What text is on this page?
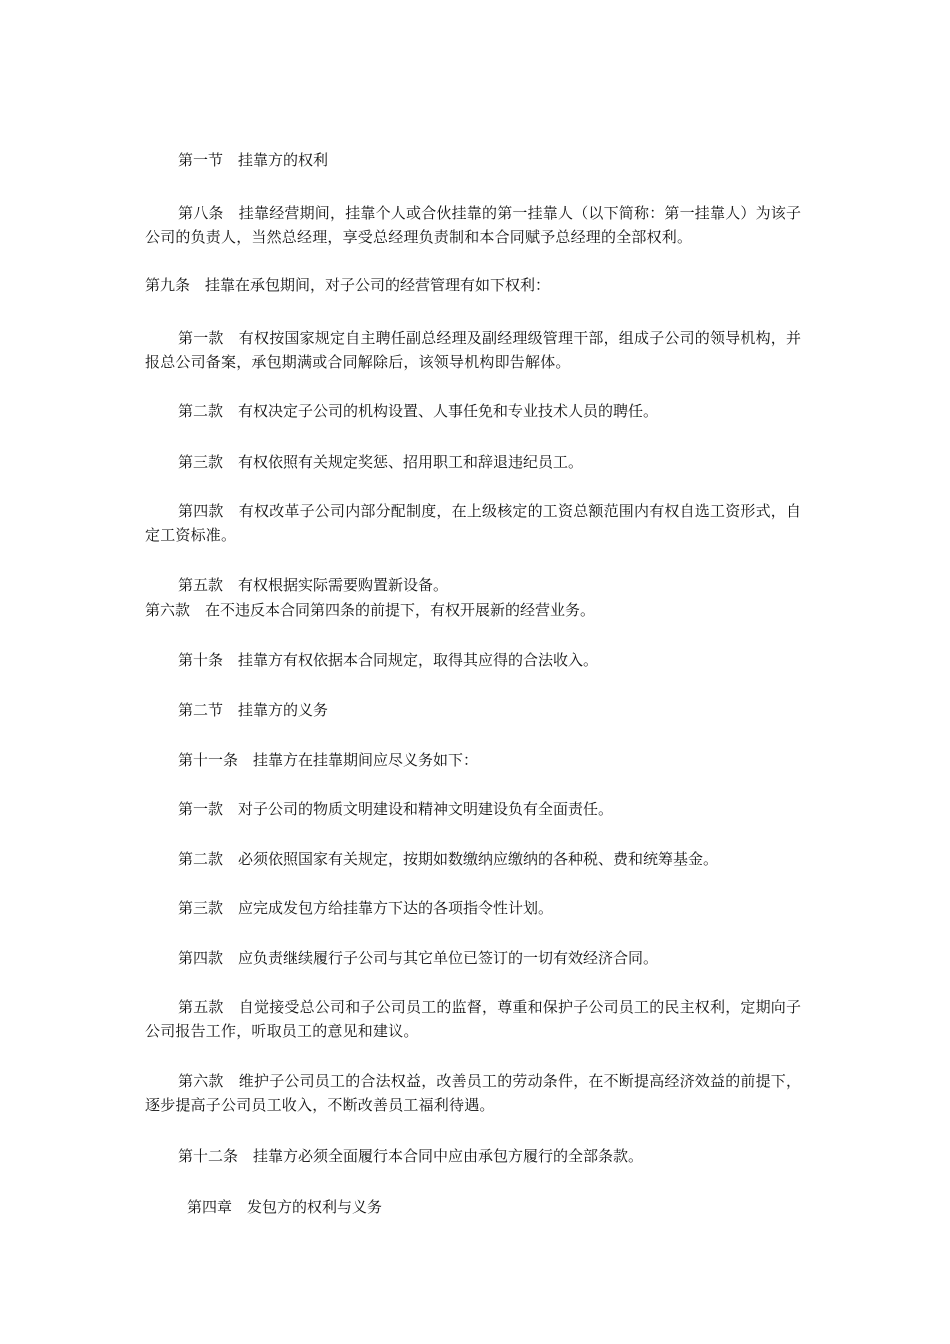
第一节　挂靠方的权利

第八条　挂靠经营期间，挂靠个人或合伙挂靠的第一挂靠人（以下简称：第一挂靠人）为该子公司的负责人，当然总经理，享受总经理负责制和本合同赋予总经理的全部权利。

第九条　挂靠在承包期间，对子公司的经营管理有如下权利：

第一款　有权按国家规定自主聘任副总经理及副经理级管理干部，组成子公司的领导机构，并报总公司备案，承包期满或合同解除后，该领导机构即告解体。

第二款　有权决定子公司的机构设置、人事任免和专业技术人员的聘任。

第三款　有权依照有关规定奖惩、招用职工和辞退违纪员工。

第四款　有权改革子公司内部分配制度，在上级核定的工资总额范围内有权自选工资形式，自定工资标准。

第五款　有权根据实际需要购置新设备。

第六款　在不违反本合同第四条的前提下，有权开展新的经营业务。

第十条　挂靠方有权依据本合同规定，取得其应得的合法收入。

第二节　挂靠方的义务

第十一条　挂靠方在挂靠期间应尽义务如下：

第一款　对子公司的物质文明建设和精神文明建设负有全面责任。

第二款　必须依照国家有关规定，按期如数缴纳应缴纳的各种税、费和统筹基金。

第三款　应完成发包方给挂靠方下达的各项指令性计划。

第四款　应负责继续履行子公司与其它单位已签订的一切有效经济合同。

第五款　自觉接受总公司和子公司员工的监督，尊重和保护子公司员工的民主权利，定期向子公司报告工作，听取员工的意见和建议。

第六款　维护子公司员工的合法权益，改善员工的劳动条件，在不断提高经济效益的前提下，逐步提高子公司员工收入，不断改善员工福利待遇。

第十二条　挂靠方必须全面履行本合同中应由承包方履行的全部条款。

第四章　发包方的权利与义务
